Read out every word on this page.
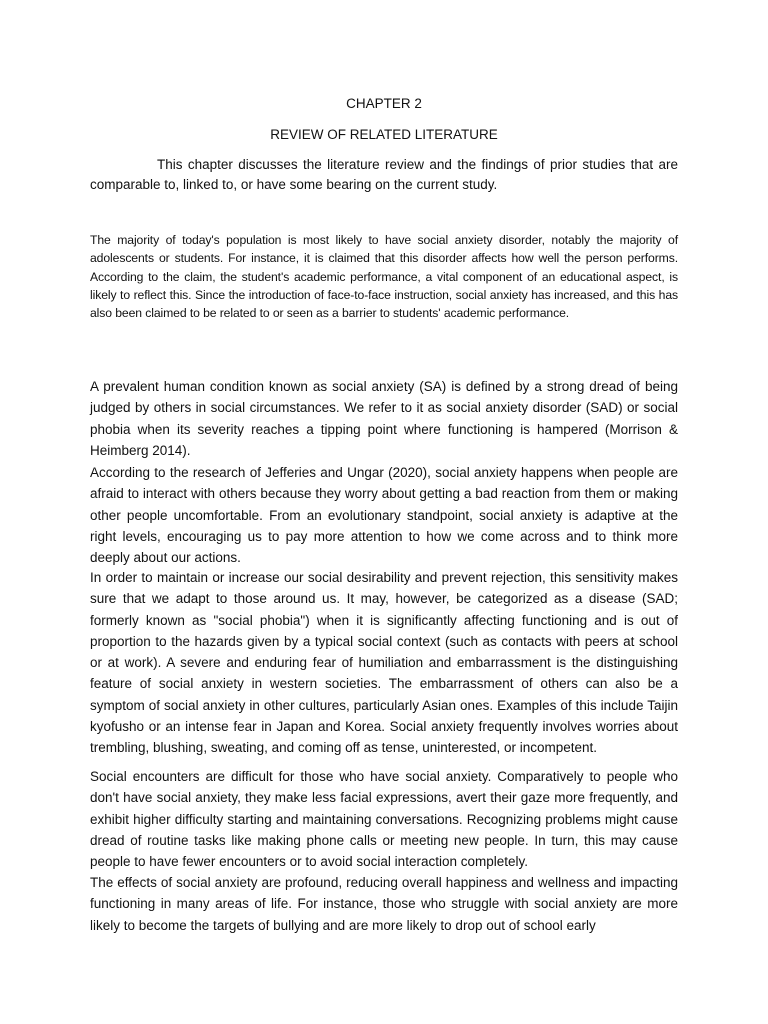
CHAPTER 2
REVIEW OF RELATED LITERATURE

This chapter discusses the literature review and the findings of prior studies that are comparable to, linked to, or have some bearing on the current study.

The majority of today's population is most likely to have social anxiety disorder, notably the majority of adolescents or students. For instance, it is claimed that this disorder affects how well the person performs. According to the claim, the student's academic performance, a vital component of an educational aspect, is likely to reflect this. Since the introduction of face-to-face instruction, social anxiety has increased, and this has also been claimed to be related to or seen as a barrier to students' academic performance.

A prevalent human condition known as social anxiety (SA) is defined by a strong dread of being judged by others in social circumstances. We refer to it as social anxiety disorder (SAD) or social phobia when its severity reaches a tipping point where functioning is hampered (Morrison & Heimberg 2014).

According to the research of Jefferies and Ungar (2020), social anxiety happens when people are afraid to interact with others because they worry about getting a bad reaction from them or making other people uncomfortable. From an evolutionary standpoint, social anxiety is adaptive at the right levels, encouraging us to pay more attention to how we come across and to think more deeply about our actions.

In order to maintain or increase our social desirability and prevent rejection, this sensitivity makes sure that we adapt to those around us. It may, however, be categorized as a disease (SAD; formerly known as "social phobia") when it is significantly affecting functioning and is out of proportion to the hazards given by a typical social context (such as contacts with peers at school or at work). A severe and enduring fear of humiliation and embarrassment is the distinguishing feature of social anxiety in western societies. The embarrassment of others can also be a symptom of social anxiety in other cultures, particularly Asian ones. Examples of this include Taijin kyofusho or an intense fear in Japan and Korea. Social anxiety frequently involves worries about trembling, blushing, sweating, and coming off as tense, uninterested, or incompetent.

Social encounters are difficult for those who have social anxiety. Comparatively to people who don't have social anxiety, they make less facial expressions, avert their gaze more frequently, and exhibit higher difficulty starting and maintaining conversations. Recognizing problems might cause dread of routine tasks like making phone calls or meeting new people. In turn, this may cause people to have fewer encounters or to avoid social interaction completely.

The effects of social anxiety are profound, reducing overall happiness and wellness and impacting functioning in many areas of life. For instance, those who struggle with social anxiety are more likely to become the targets of bullying and are more likely to drop out of school early
